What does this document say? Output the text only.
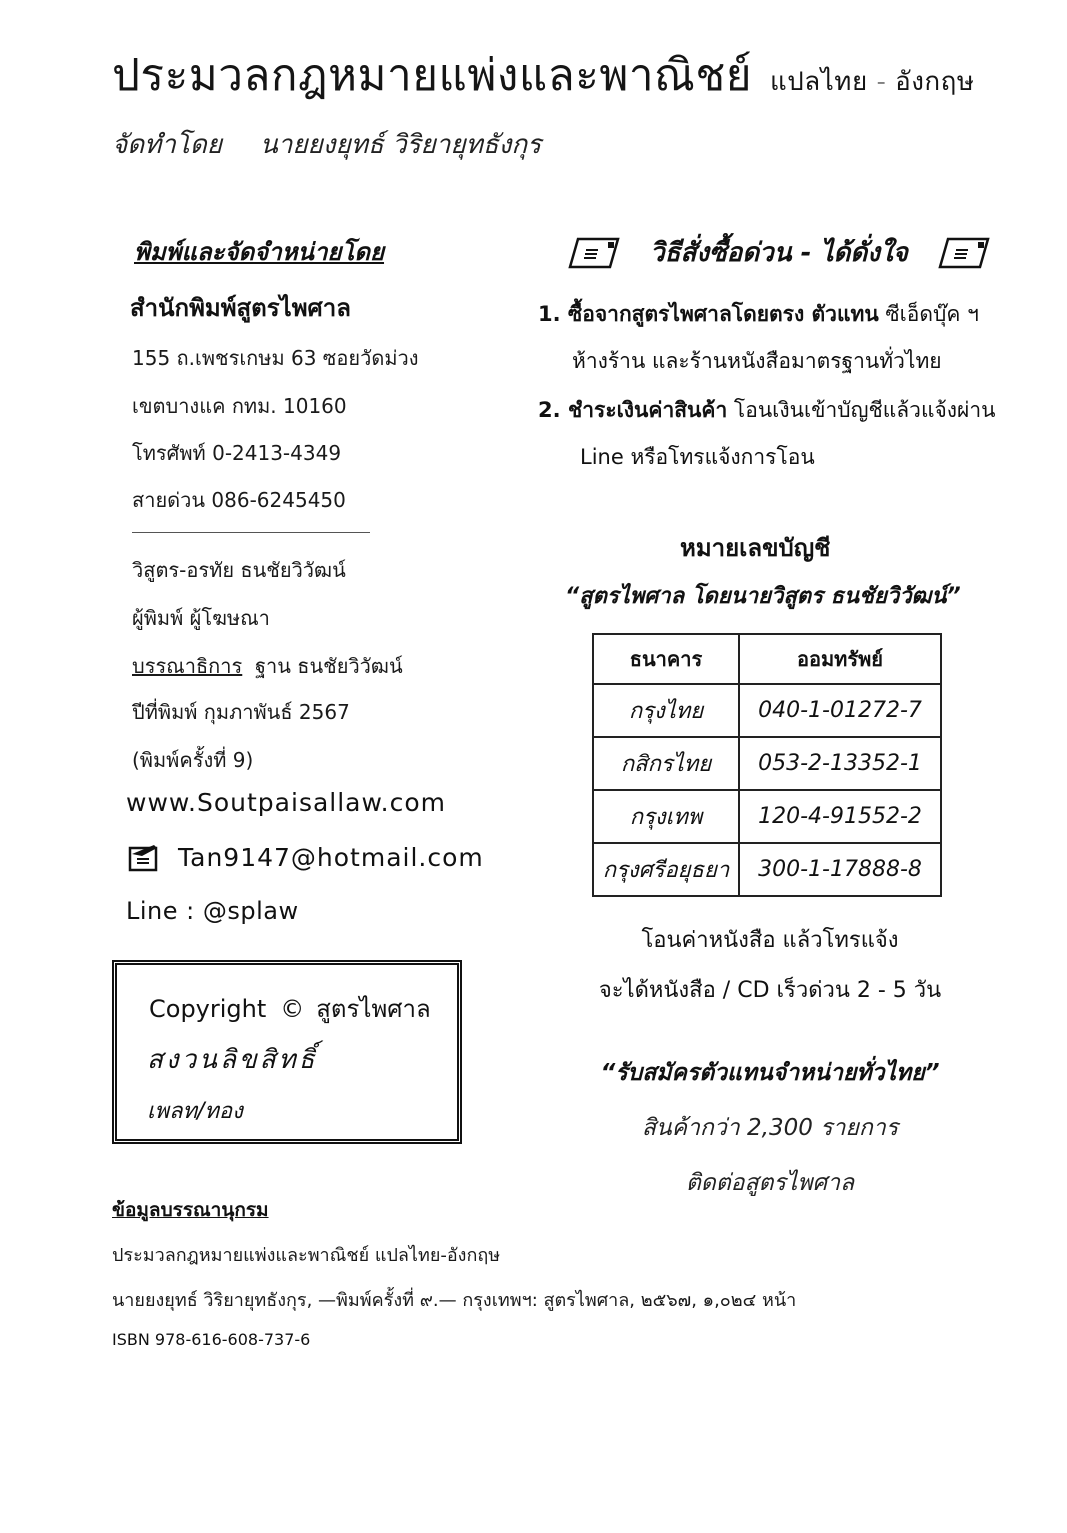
ประมวลกฎหมายแพ่งและพาณิชย์ แปลไทย - อังกฤษ
จัดทำโดย นายยงยุทธ์ วิริยายุทธังกุร
พิมพ์และจัดจำหน่ายโดย
สำนักพิมพ์สูตรไพศาล
155 ถ.เพชรเกษม 63 ซอยวัดม่วง
เขตบางแค กทม. 10160
โทรศัพท์ 0-2413-4349
สายด่วน 086-6245450
วิสูตร-อรทัย ธนชัยวิวัฒน์
ผู้พิมพ์ ผู้โฆษณา
บรรณาธิการ ฐาน ธนชัยวิวัฒน์
ปีที่พิมพ์ กุมภาพันธ์ 2567
(พิมพ์ครั้งที่ 9)
www.Soutpaisallaw.com
Tan9147@hotmail.com
Line : @splaw
Copyright © สูตรไพศาล
สงวนลิขสิทธิ์
เพลท/ทอง
วิธีสั่งซื้อด่วน - ได้ดั่งใจ
1. ซื้อจากสูตรไพศาลโดยตรง ตัวแทน ซีเอ็ดบุ๊ค ฯ
ห้างร้าน และร้านหนังสือมาตรฐานทั่วไทย
2. ชำระเงินค่าสินค้า โอนเงินเข้าบัญชีแล้วแจ้งผ่าน
Line หรือโทรแจ้งการโอน
หมายเลขบัญชี
“สูตรไพศาล โดยนายวิสูตร ธนชัยวิวัฒน์”
ธนาคาร	ออมทรัพย์
กรุงไทย	040-1-01272-7
กสิกรไทย	053-2-13352-1
กรุงเทพ	120-4-91552-2
กรุงศรีอยุธยา	300-1-17888-8
โอนค่าหนังสือ แล้วโทรแจ้ง
จะได้หนังสือ / CD เร็วด่วน 2 - 5 วัน
“รับสมัครตัวแทนจำหน่ายทั่วไทย”
สินค้ากว่า 2,300 รายการ
ติดต่อสูตรไพศาล
ข้อมูลบรรณานุกรม
ประมวลกฎหมายแพ่งและพาณิชย์ แปลไทย-อังกฤษ
นายยงยุทธ์ วิริยายุทธังกุร, —พิมพ์ครั้งที่ ๙.— กรุงเทพฯ: สูตรไพศาล, ๒๕๖๗, ๑,๐๒๔ หน้า
ISBN 978-616-608-737-6
